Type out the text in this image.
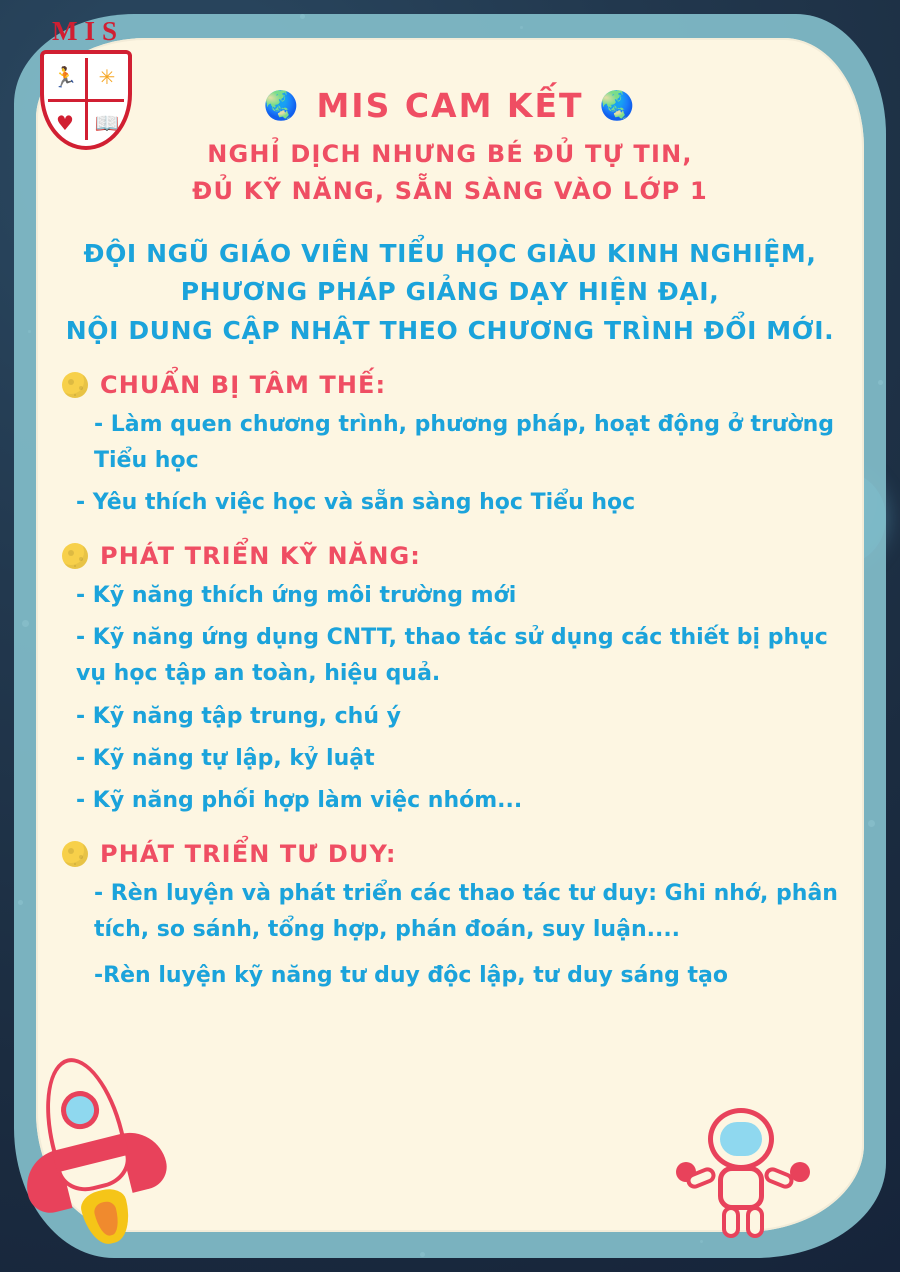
MIS
🏃	✳
♥	📖
🌏 MIS CAM KẾT 🌏
NGHỈ DỊCH NHƯNG BÉ ĐỦ TỰ TIN,
ĐỦ KỸ NĂNG, SẴN SÀNG VÀO LỚP 1
ĐỘI NGŨ GIÁO VIÊN TIỂU HỌC GIÀU KINH NGHIỆM,
PHƯƠNG PHÁP GIẢNG DẠY HIỆN ĐẠI,
NỘI DUNG CẬP NHẬT THEO CHƯƠNG TRÌNH ĐỔI MỚI.
CHUẨN BỊ TÂM THẾ:
- Làm quen chương trình, phương pháp, hoạt động ở trường Tiểu học
- Yêu thích việc học và sẵn sàng học Tiểu học
PHÁT TRIỂN KỸ NĂNG:
- Kỹ năng thích ứng môi trường mới
- Kỹ năng ứng dụng CNTT, thao tác sử dụng các thiết bị phục vụ học tập an toàn, hiệu quả.
- Kỹ năng tập trung, chú ý
- Kỹ năng tự lập, kỷ luật
- Kỹ năng phối hợp làm việc nhóm...
PHÁT TRIỂN TƯ DUY:
- Rèn luyện và phát triển các thao tác tư duy: Ghi nhớ, phân tích, so sánh, tổng hợp, phán đoán, suy luận....
-Rèn luyện kỹ năng tư duy độc lập, tư duy sáng tạo
